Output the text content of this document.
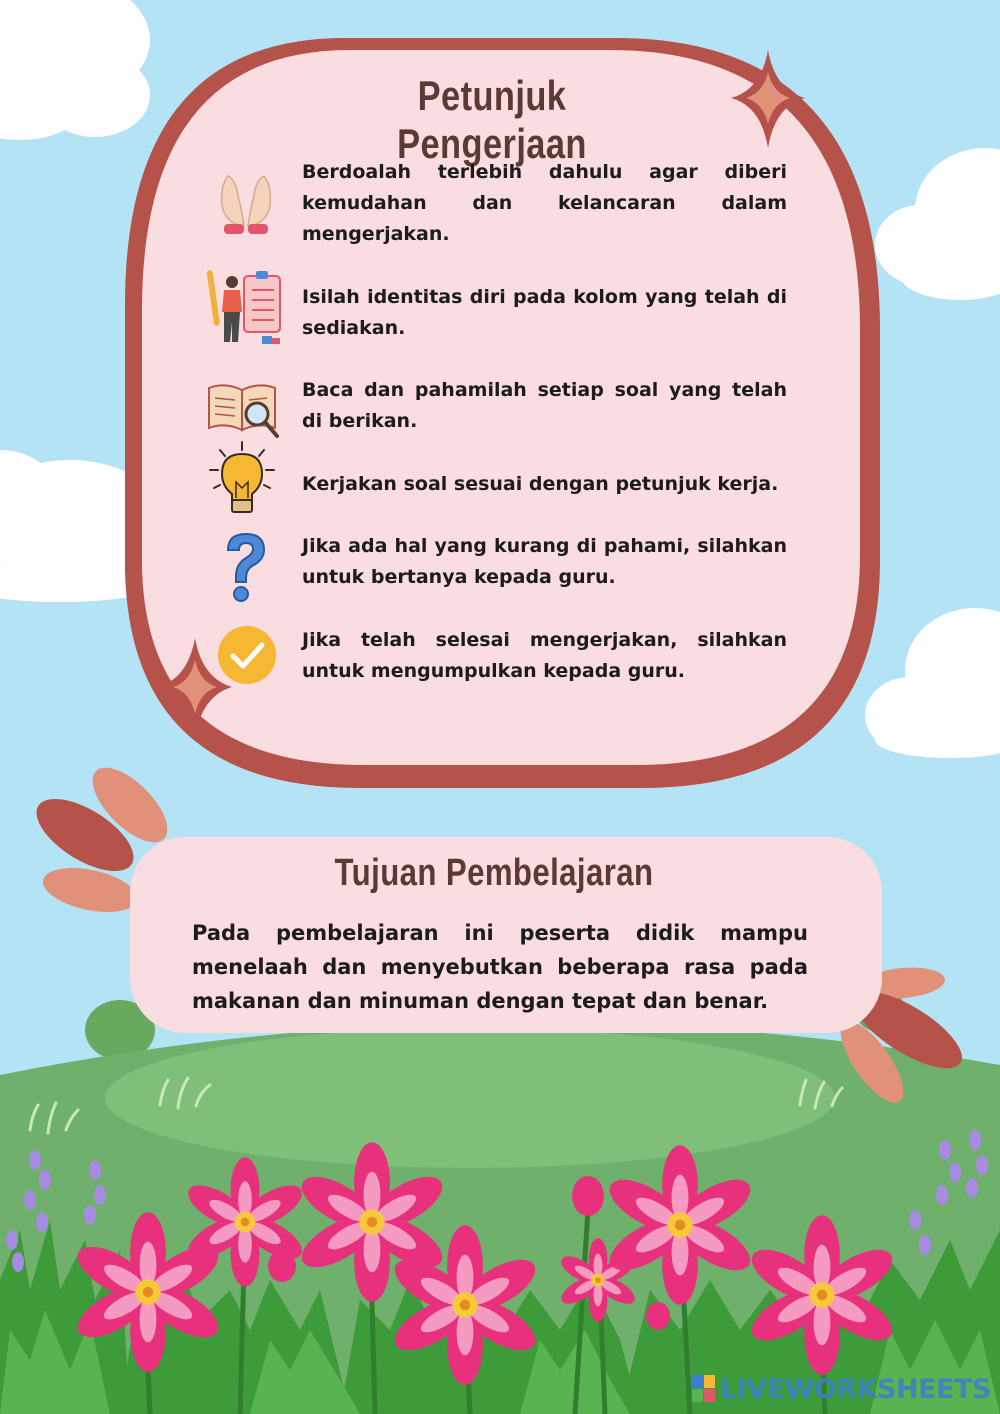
Petunjuk Pengerjaan
Berdoalah terlebih dahulu agar diberi kemudahan dan kelancaran dalam mengerjakan.
Isilah identitas diri pada kolom yang telah di sediakan.
Baca dan pahamilah setiap soal yang telah di berikan.
Kerjakan soal sesuai dengan petunjuk kerja.
Jika ada hal yang kurang di pahami, silahkan untuk bertanya kepada guru.
Jika telah selesai mengerjakan, silahkan untuk mengumpulkan kepada guru.
Tujuan Pembelajaran
Pada pembelajaran ini peserta didik mampu menelaah dan menyebutkan beberapa rasa pada makanan dan minuman dengan tepat dan benar.
LIVEWORKSHEETS
